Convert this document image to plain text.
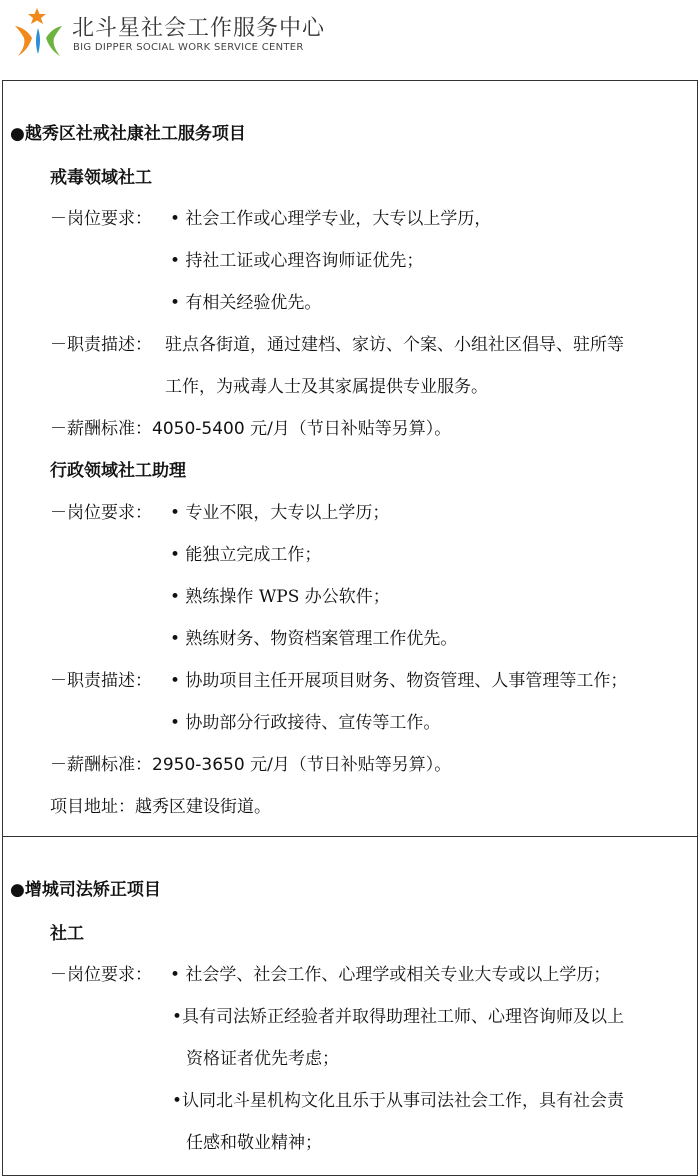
北斗星社会工作服务中心
BIG DIPPER SOCIAL WORK SERVICE CENTER
●越秀区社戒社康社工服务项目
戒毒领域社工
－岗位要求： • 社会工作或心理学专业，大专以上学历，
• 持社工证或心理咨询师证优先；
• 有相关经验优先。
－职责描述： 驻点各街道，通过建档、家访、个案、小组社区倡导、驻所等
工作，为戒毒人士及其家属提供专业服务。
－薪酬标准：4050-5400 元/月（节日补贴等另算）。
行政领域社工助理
－岗位要求： • 专业不限，大专以上学历；
• 能独立完成工作；
• 熟练操作 WPS 办公软件；
• 熟练财务、物资档案管理工作优先。
－职责描述： • 协助项目主任开展项目财务、物资管理、人事管理等工作；
• 协助部分行政接待、宣传等工作。
－薪酬标准：2950-3650 元/月（节日补贴等另算）。
项目地址：越秀区建设街道。
●增城司法矫正项目
社工
－岗位要求： • 社会学、社会工作、心理学或相关专业大专或以上学历；
•具有司法矫正经验者并取得助理社工师、心理咨询师及以上
资格证者优先考虑；
•认同北斗星机构文化且乐于从事司法社会工作，具有社会责
任感和敬业精神；
